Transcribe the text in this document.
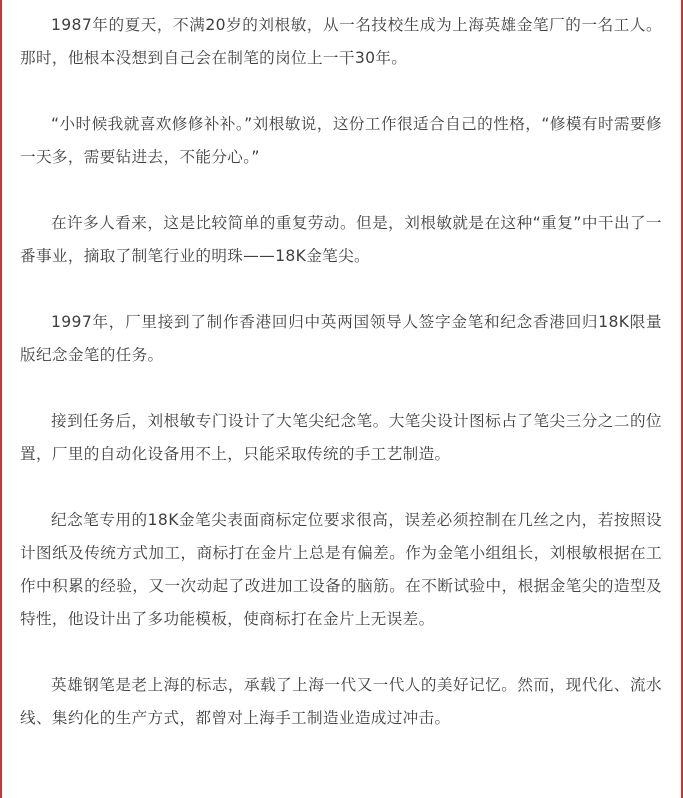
1987年的夏天，不满20岁的刘根敏，从一名技校生成为上海英雄金笔厂的一名工人。那时，他根本没想到自己会在制笔的岗位上一干30年。

“小时候我就喜欢修修补补。”刘根敏说，这份工作很适合自己的性格，“修模有时需要修一天多，需要钻进去，不能分心。”

在许多人看来，这是比较简单的重复劳动。但是，刘根敏就是在这种“重复”中干出了一番事业，摘取了制笔行业的明珠——18K金笔尖。

1997年，厂里接到了制作香港回归中英两国领导人签字金笔和纪念香港回归18K限量版纪念金笔的任务。

接到任务后，刘根敏专门设计了大笔尖纪念笔。大笔尖设计图标占了笔尖三分之二的位置，厂里的自动化设备用不上，只能采取传统的手工艺制造。

纪念笔专用的18K金笔尖表面商标定位要求很高，误差必须控制在几丝之内，若按照设计图纸及传统方式加工，商标打在金片上总是有偏差。作为金笔小组组长，刘根敏根据在工作中积累的经验，又一次动起了改进加工设备的脑筋。在不断试验中，根据金笔尖的造型及特性，他设计出了多功能模板，使商标打在金片上无误差。

英雄钢笔是老上海的标志，承载了上海一代又一代人的美好记忆。然而，现代化、流水线、集约化的生产方式，都曾对上海手工制造业造成过冲击。
